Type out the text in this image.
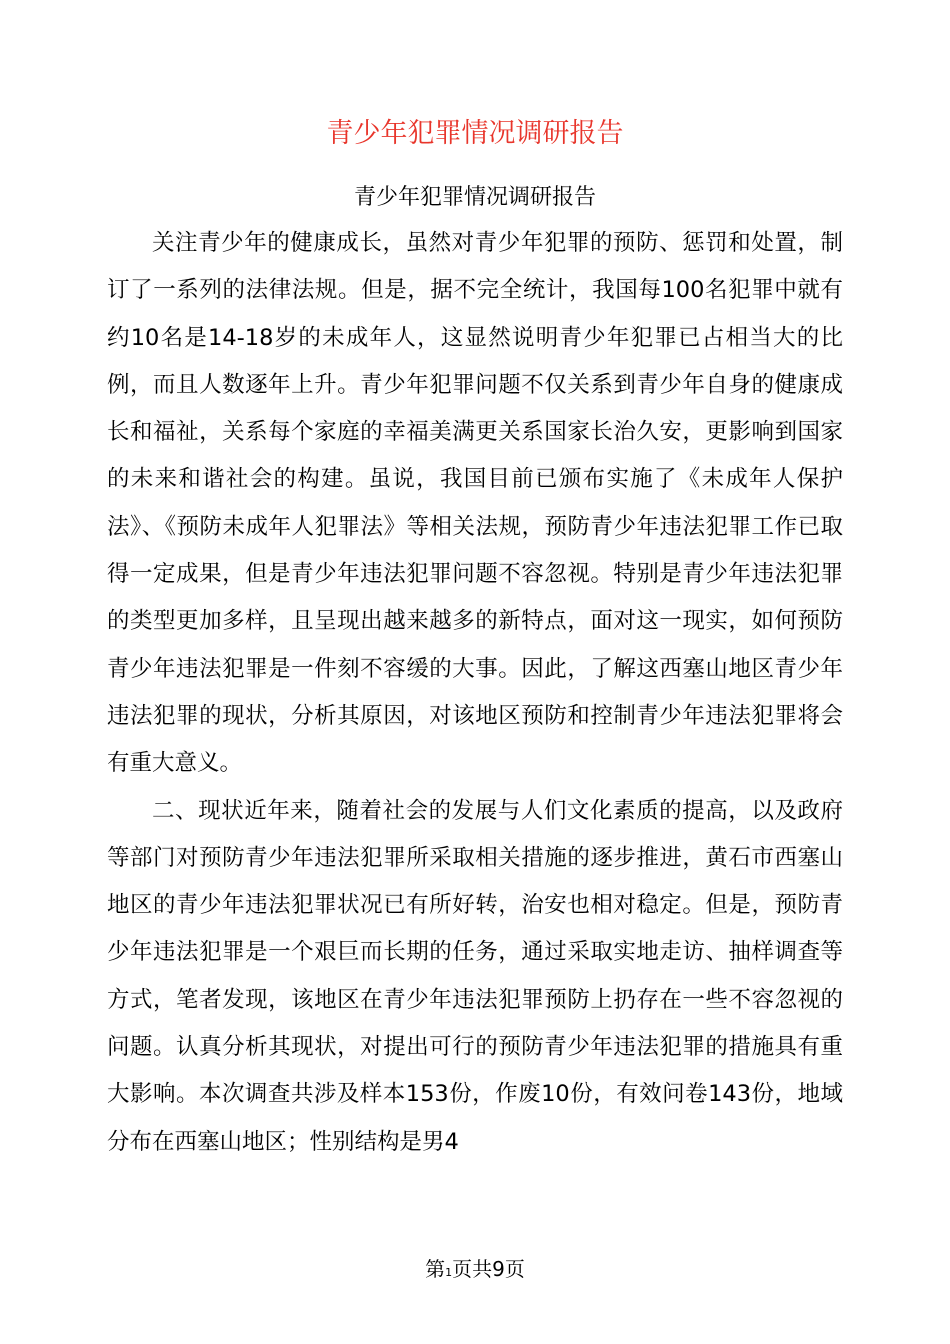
青少年犯罪情况调研报告
青少年犯罪情况调研报告

关注青少年的健康成长，虽然对青少年犯罪的预防、惩罚和处置，制订了一系列的法律法规。但是，据不完全统计，我国每100名犯罪中就有约10名是14-18岁的未成年人，这显然说明青少年犯罪已占相当大的比例，而且人数逐年上升。青少年犯罪问题不仅关系到青少年自身的健康成长和福祉，关系每个家庭的幸福美满更关系国家长治久安，更影响到国家的未来和谐社会的构建。虽说，我国目前已颁布实施了《未成年人保护法》、《预防未成年人犯罪法》等相关法规，预防青少年违法犯罪工作已取得一定成果，但是青少年违法犯罪问题不容忽视。特别是青少年违法犯罪的类型更加多样，且呈现出越来越多的新特点，面对这一现实，如何预防青少年违法犯罪是一件刻不容缓的大事。因此，了解这西塞山地区青少年违法犯罪的现状，分析其原因，对该地区预防和控制青少年违法犯罪将会有重大意义。

二、现状近年来，随着社会的发展与人们文化素质的提高，以及政府等部门对预防青少年违法犯罪所采取相关措施的逐步推进，黄石市西塞山地区的青少年违法犯罪状况已有所好转，治安也相对稳定。但是，预防青少年违法犯罪是一个艰巨而长期的任务，通过采取实地走访、抽样调查等方式，笔者发现，该地区在青少年违法犯罪预防上扔存在一些不容忽视的问题。认真分析其现状，对提出可行的预防青少年违法犯罪的措施具有重大影响。本次调查共涉及样本153份，作废10份，有效问卷143份，地域分布在西塞山地区；性别结构是男4

第1页共9页
